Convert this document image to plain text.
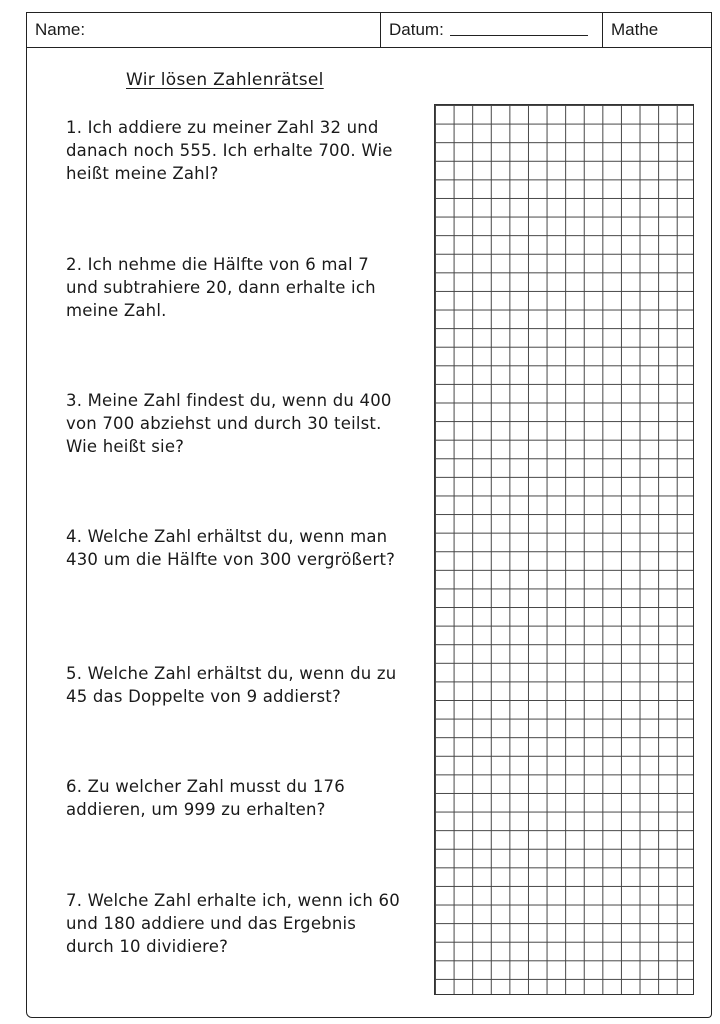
Name:	Datum:	Mathe
Wir lösen Zahlenrätsel
1. Ich addiere zu meiner Zahl 32 und danach noch 555. Ich erhalte 700. Wie heißt meine Zahl?
2. Ich nehme die Hälfte von 6 mal 7 und subtrahiere 20, dann erhalte ich meine Zahl.
3. Meine Zahl findest du, wenn du 400 von 700 abziehst und durch 30 teilst. Wie heißt sie?
4. Welche Zahl erhältst du, wenn man 430 um die Hälfte von 300 vergrößert?
5. Welche Zahl erhältst du, wenn du zu 45 das Doppelte von 9 addierst?
6. Zu welcher Zahl musst du 176 addieren, um 999 zu erhalten?
7. Welche Zahl erhalte ich, wenn ich 60 und 180 addiere und das Ergebnis durch 10 dividiere?
